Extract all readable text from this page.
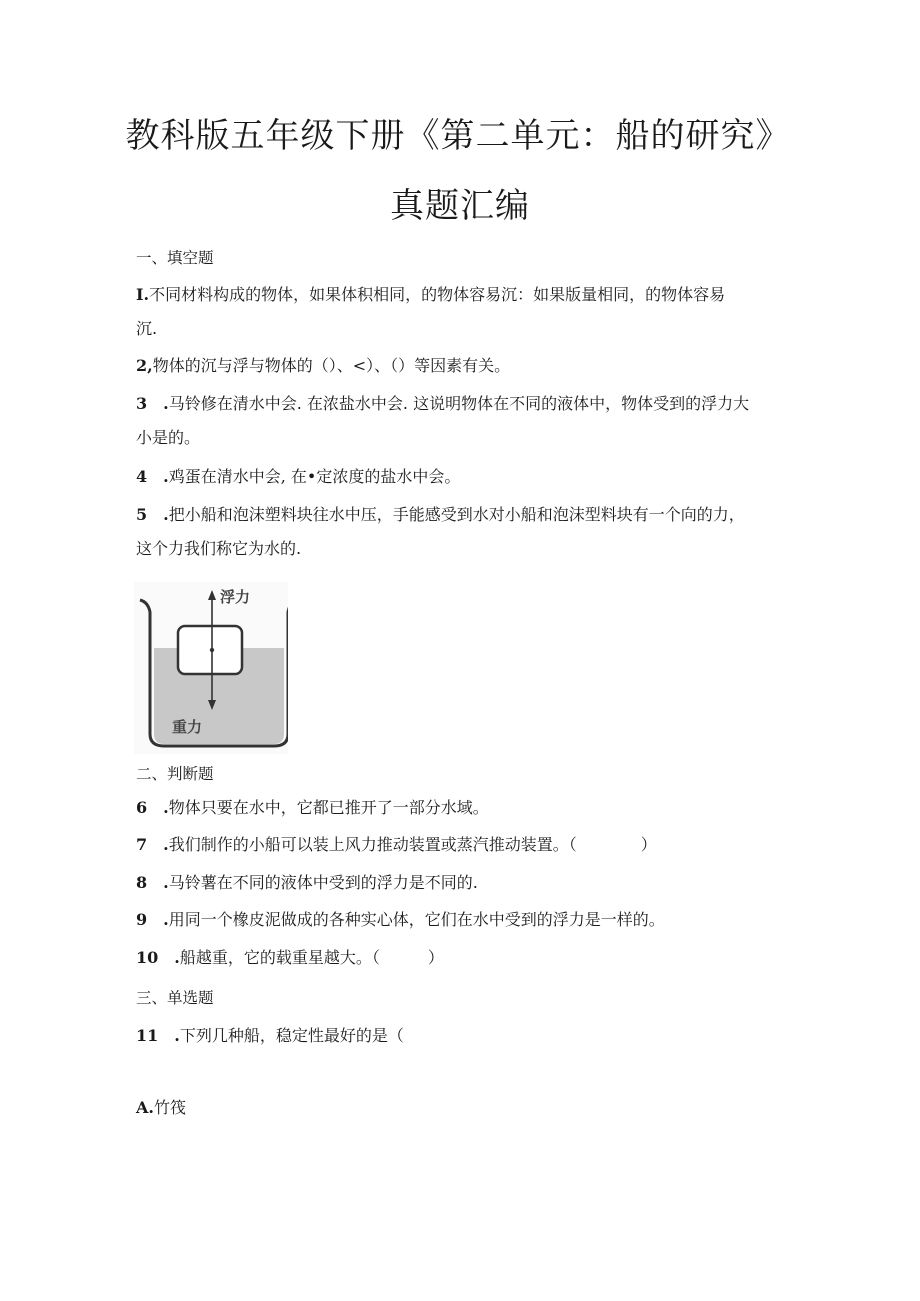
教科版五年级下册《第二单元：船的研究》
真题汇编
一、填空题
I.不同材料构成的物体，如果体积相同，的物体容易沉：如果版量相同，的物体容易
沉.
2,物体的沉与浮与物体的（）、<）、（）等因素有关。
3　.马铃修在清水中会. 在浓盐水中会. 这说明物体在不同的液体中，物体受到的浮力大
小是的。
4　.鸡蛋在清水中会, 在•定浓度的盐水中会。
5　.把小船和泡沫塑料块往水中压，手能感受到水对小船和泡沫型料块有一个向的力，
这个力我们称它为水的.
浮力
重力
二、判断题
6　.物体只要在水中，它都已推开了一部分水域。
7　.我们制作的小船可以装上风力推动装置或蒸汽推动装置。（　　　　）
8　.马铃薯在不同的液体中受到的浮力是不同的.
9　.用同一个橡皮泥做成的各种实心体，它们在水中受到的浮力是一样的。
10　.船越重，它的载重星越大。（　　　）
三、单选题
11　.下列几种船，稳定性最好的是（
A.竹筏
